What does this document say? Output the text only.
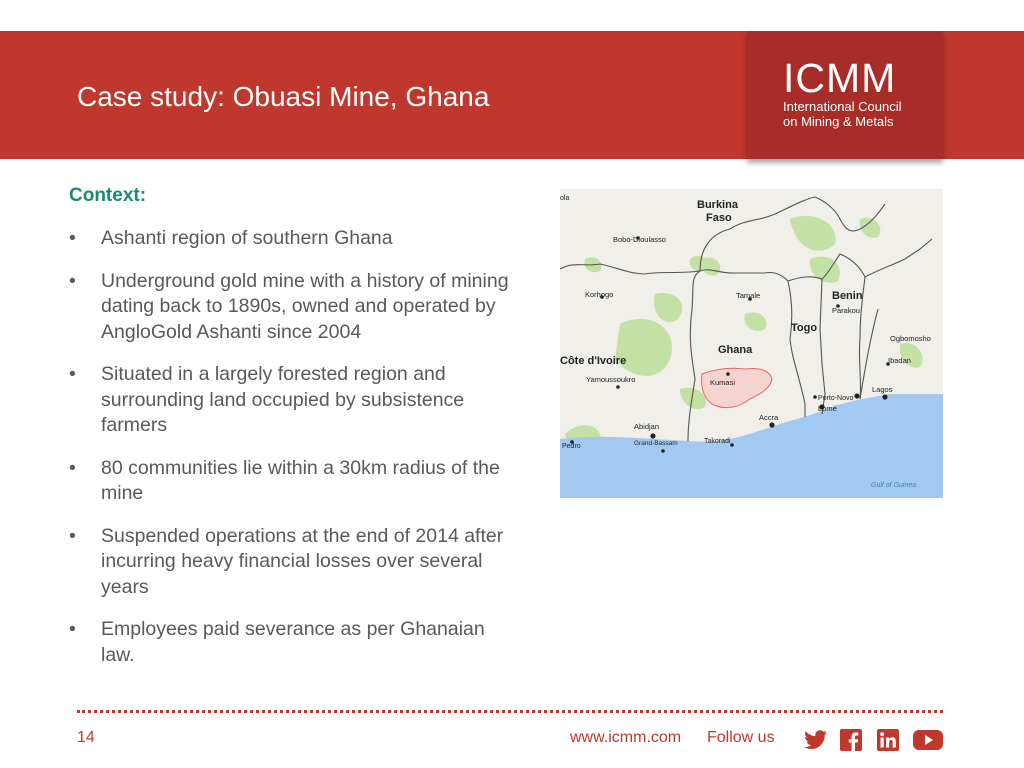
Case study: Obuasi Mine, Ghana	ICMM
International Council
on Mining & Metals
Context:
• Ashanti region of southern Ghana
• Underground gold mine with a history of mining dating back to 1890s, owned and operated by AngloGold Ashanti since 2004
• Situated in a largely forested region and surrounding land occupied by subsistence farmers
• 80 communities lie within a 30km radius of the mine
• Suspended operations at the end of 2014 after incurring heavy financial losses over several years
• Employees paid severance as per Ghanaian law.
Burkina
Faso
Bobo-Dioulasso
Korhogo	Tamale	Benin
Parakou
Togo
Ogbomosho
Côte d'Ivoire
Ghana
Ibadan
Yamoussoukro	Kumasi
Lagos
Porto-Novo
Lomé
Accra
Abidjan
Grand-Bassam	Takoradi
Pedro
ola
Gulf of Guinea
14	www.icmm.com Follow us
